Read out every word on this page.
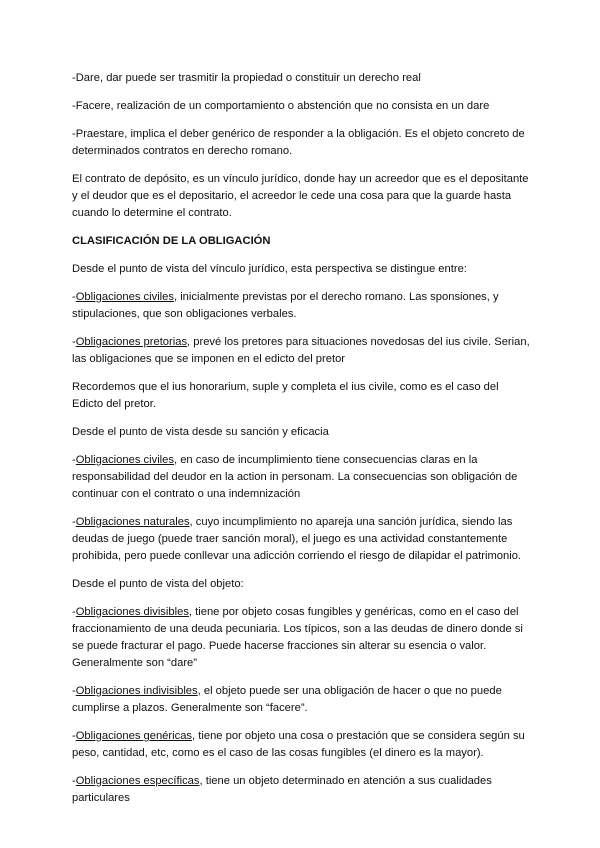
-Dare, dar puede ser trasmitir la propiedad o constituir un derecho real

-Facere, realización de un comportamiento o abstención que no consista en un dare

-Praestare, implica el deber genérico de responder a la obligación. Es el objeto concreto de determinados contratos en derecho romano.

El contrato de depósito, es un vínculo jurídico, donde hay un acreedor que es el depositante y el deudor que es el depositario, el acreedor le cede una cosa para que la guarde hasta cuando lo determine el contrato.

CLASIFICACIÓN DE LA OBLIGACIÓN

Desde el punto de vista del vínculo jurídico, esta perspectiva se distingue entre:

-Obligaciones civiles, inicialmente previstas por el derecho romano. Las sponsiones, y stipulaciones, que son obligaciones verbales.

-Obligaciones pretorias, prevé los pretores para situaciones novedosas del ius civile. Serian, las obligaciones que se imponen en el edicto del pretor

Recordemos que el ius honorarium, suple y completa el ius civile, como es el caso del Edicto del pretor.

Desde el punto de vista desde su sanción y eficacia

-Obligaciones civiles, en caso de incumplimiento tiene consecuencias claras en la responsabilidad del deudor en la action in personam. La consecuencias son obligación de continuar con el contrato o una indemnización

-Obligaciones naturales, cuyo incumplimiento no apareja una sanción jurídica, siendo las deudas de juego (puede traer sanción moral), el juego es una actividad constantemente prohibida, pero puede conllevar una adicción corriendo el riesgo de dilapidar el patrimonio.

Desde el punto de vista del objeto:

-Obligaciones divisibles, tiene por objeto cosas fungibles y genéricas, como en el caso del fraccionamiento de una deuda pecuniaria. Los típicos, son a las deudas de dinero donde si se puede fracturar el pago. Puede hacerse fracciones sin alterar su esencia o valor. Generalmente son “dare”

-Obligaciones indivisibles, el objeto puede ser una obligación de hacer o que no puede cumplirse a plazos. Generalmente son “facere”.

-Obligaciones genéricas, tiene por objeto una cosa o prestación que se considera según su peso, cantidad, etc, como es el caso de las cosas fungibles (el dinero es la mayor).

-Obligaciones específicas, tiene un objeto determinado en atención a sus cualidades particulares
